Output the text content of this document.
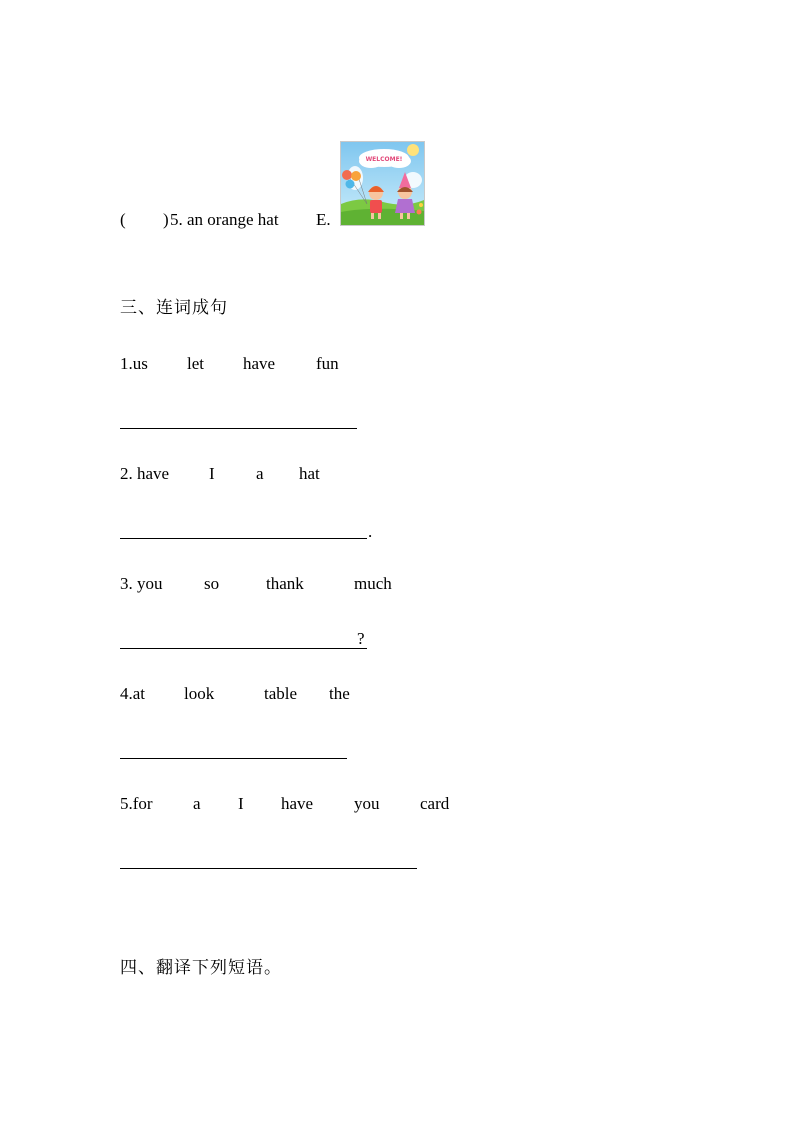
( ) 5. an orange hat E.
WELCOME!
三、连词成句
1.us let have fun
2. have I a hat
.
3. you so	thank	much
?
4.at look	table the
5.for a I have you card
四、翻译下列短语。
